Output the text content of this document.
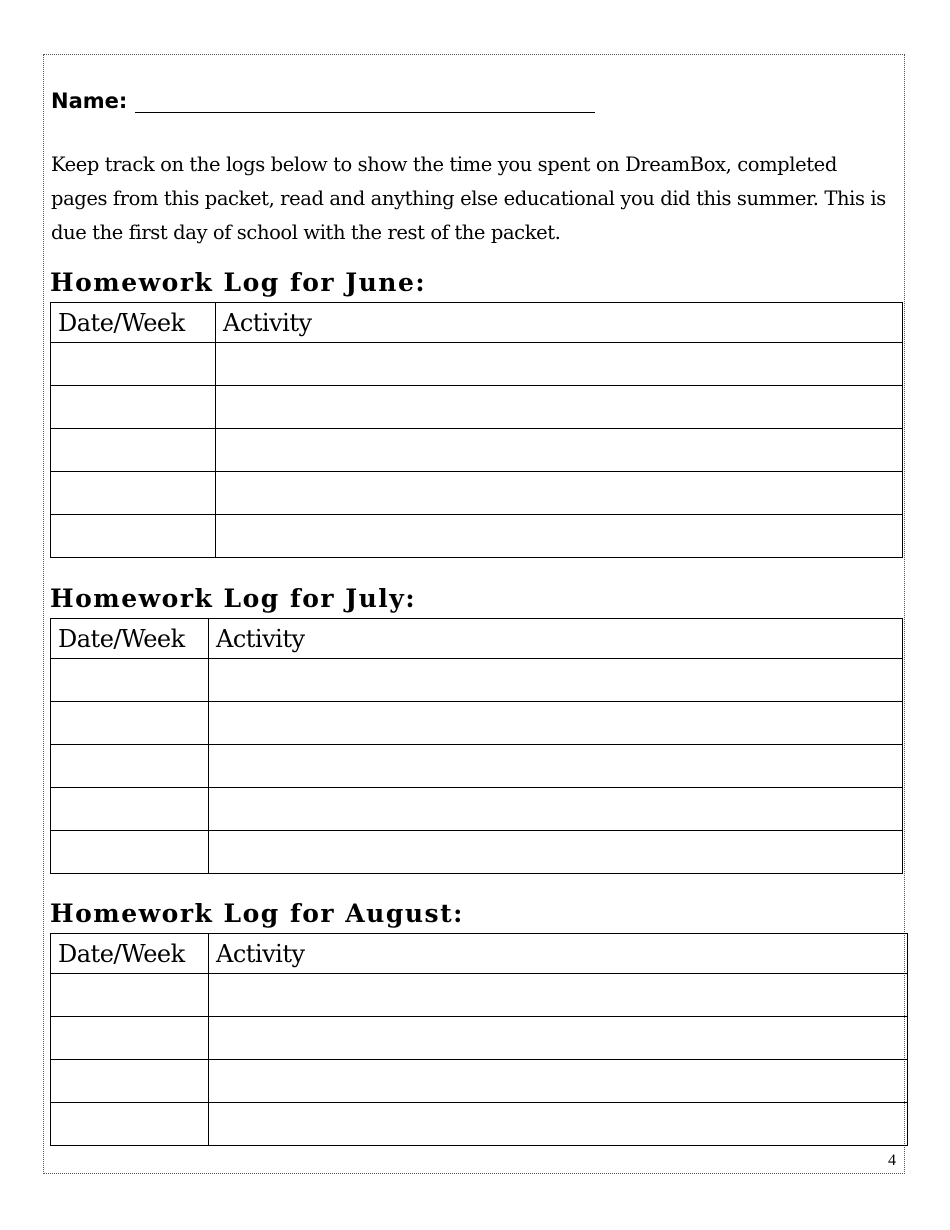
Name:
Keep track on the logs below to show the time you spent on DreamBox, completed pages from this packet, read and anything else educational you did this summer. This is due the first day of school with the rest of the packet.
Homework Log for June:
Date/Week	Activity

Homework Log for July:
Date/Week	Activity

Homework Log for August:
Date/Week	Activity

4
